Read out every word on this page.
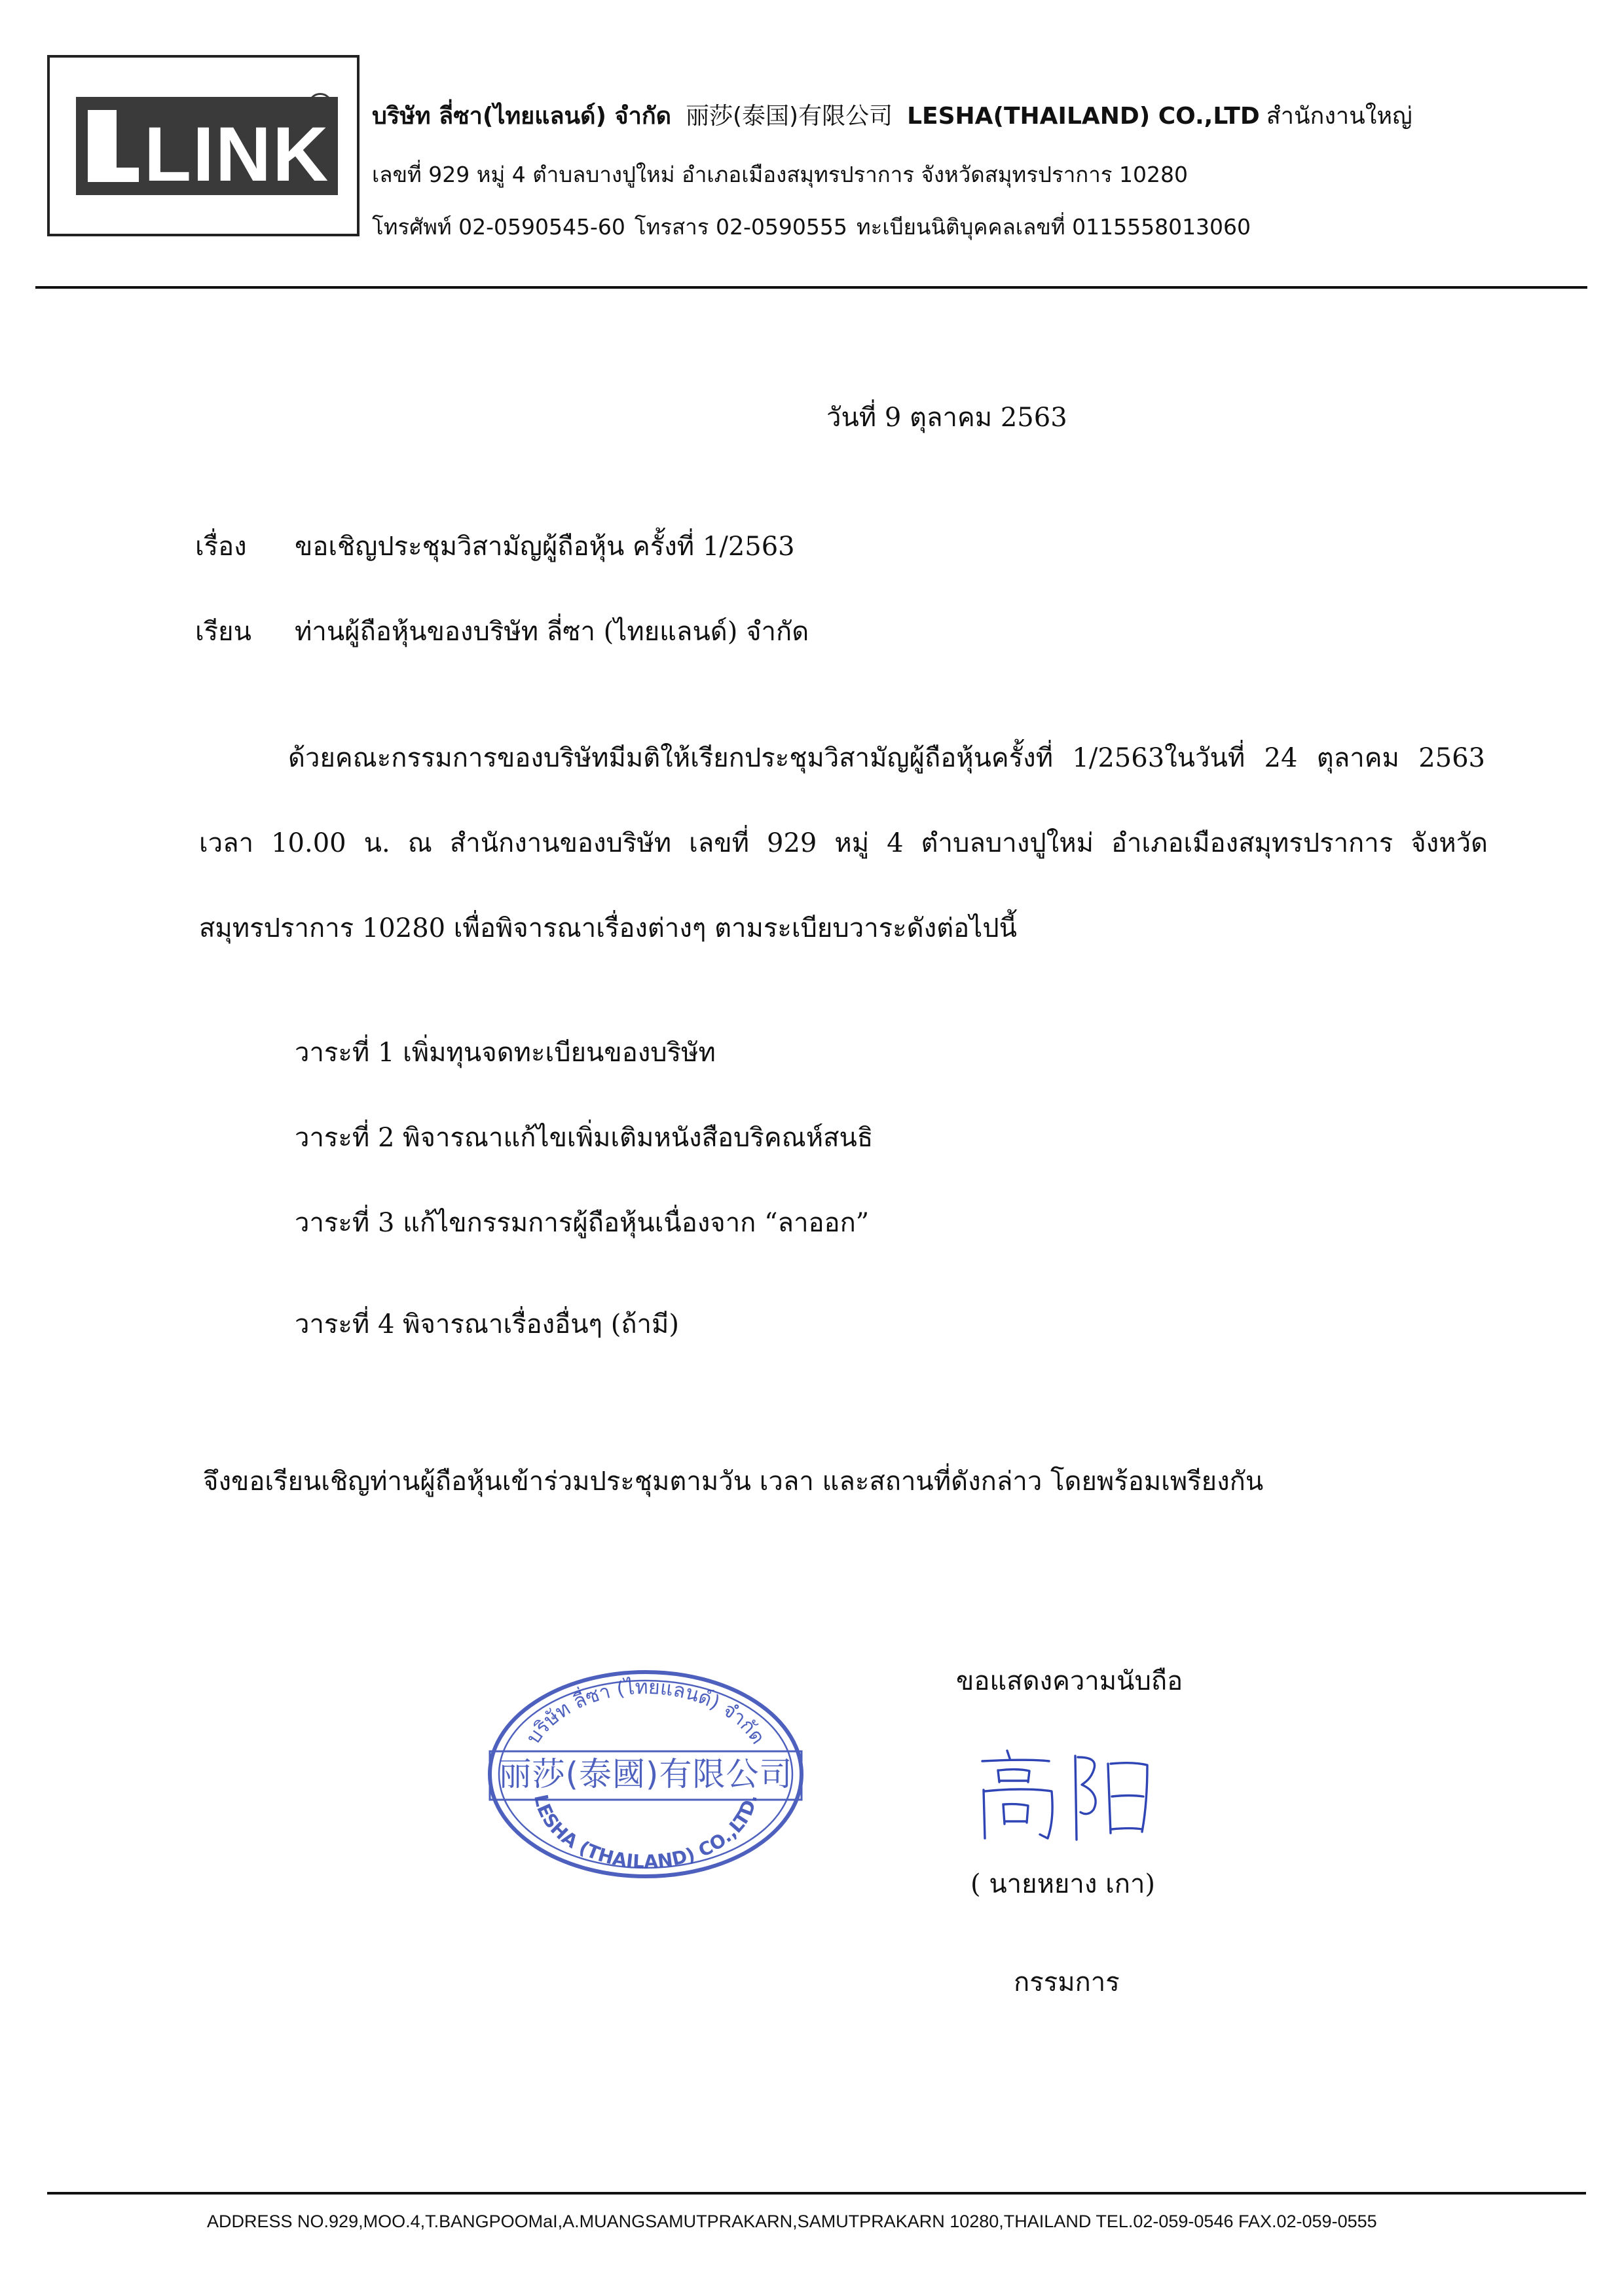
LINK
R บริษัท ลี่ซา(ไทยแลนด์) จำกัด 丽莎(泰国)有限公司 LESHA(THAILAND) CO.,LTD สำนักงานใหญ่
เลขที่ 929 หมู่ 4 ตำบลบางปูใหม่ อำเภอเมืองสมุทรปราการ จังหวัดสมุทรปราการ 10280
โทรศัพท์ 02-0590545-60 โทรสาร 02-0590555 ทะเบียนนิติบุคคลเลขที่ 0115558013060
วันที่ 9 ตุลาคม 2563
เรื่อง ขอเชิญประชุมวิสามัญผู้ถือหุ้น ครั้งที่ 1/2563
เรียน ท่านผู้ถือหุ้นของบริษัท ลี่ซา (ไทยแลนด์) จำกัด
ด้วยคณะกรรมการของบริษัทมีมติให้เรียกประชุมวิสามัญผู้ถือหุ้นครั้งที่ 1/2563ในวันที่ 24 ตุลาคม 2563
เวลา 10.00 น. ณ สำนักงานของบริษัท เลขที่ 929 หมู่ 4 ตำบลบางปูใหม่ อำเภอเมืองสมุทรปราการ จังหวัด
สมุทรปราการ 10280 เพื่อพิจารณาเรื่องต่างๆ ตามระเบียบวาระดังต่อไปนี้
วาระที่ 1 เพิ่มทุนจดทะเบียนของบริษัท
วาระที่ 2 พิจารณาแก้ไขเพิ่มเติมหนังสือบริคณห์สนธิ
วาระที่ 3 แก้ไขกรรมการผู้ถือหุ้นเนื่องจาก “ลาออก”
วาระที่ 4 พิจารณาเรื่องอื่นๆ (ถ้ามี)
จึงขอเรียนเชิญท่านผู้ถือหุ้นเข้าร่วมประชุมตามวัน เวลา และสถานที่ดังกล่าว โดยพร้อมเพรียงกัน
ขอแสดงความนับถือ
( นายหยาง เกา)
กรรมการ
บริษัท ลี่ซา (ไทยแลนด์) จำกัด
丽莎(泰國)有限公司
LESHA (THAILAND) CO.,LTD.
ADDRESS NO.929,MOO.4,T.BANGPOOMaI,A.MUANGSAMUTPRAKARN,SAMUTPRAKARN 10280,THAILAND TEL.02-059-0546 FAX.02-059-0555
